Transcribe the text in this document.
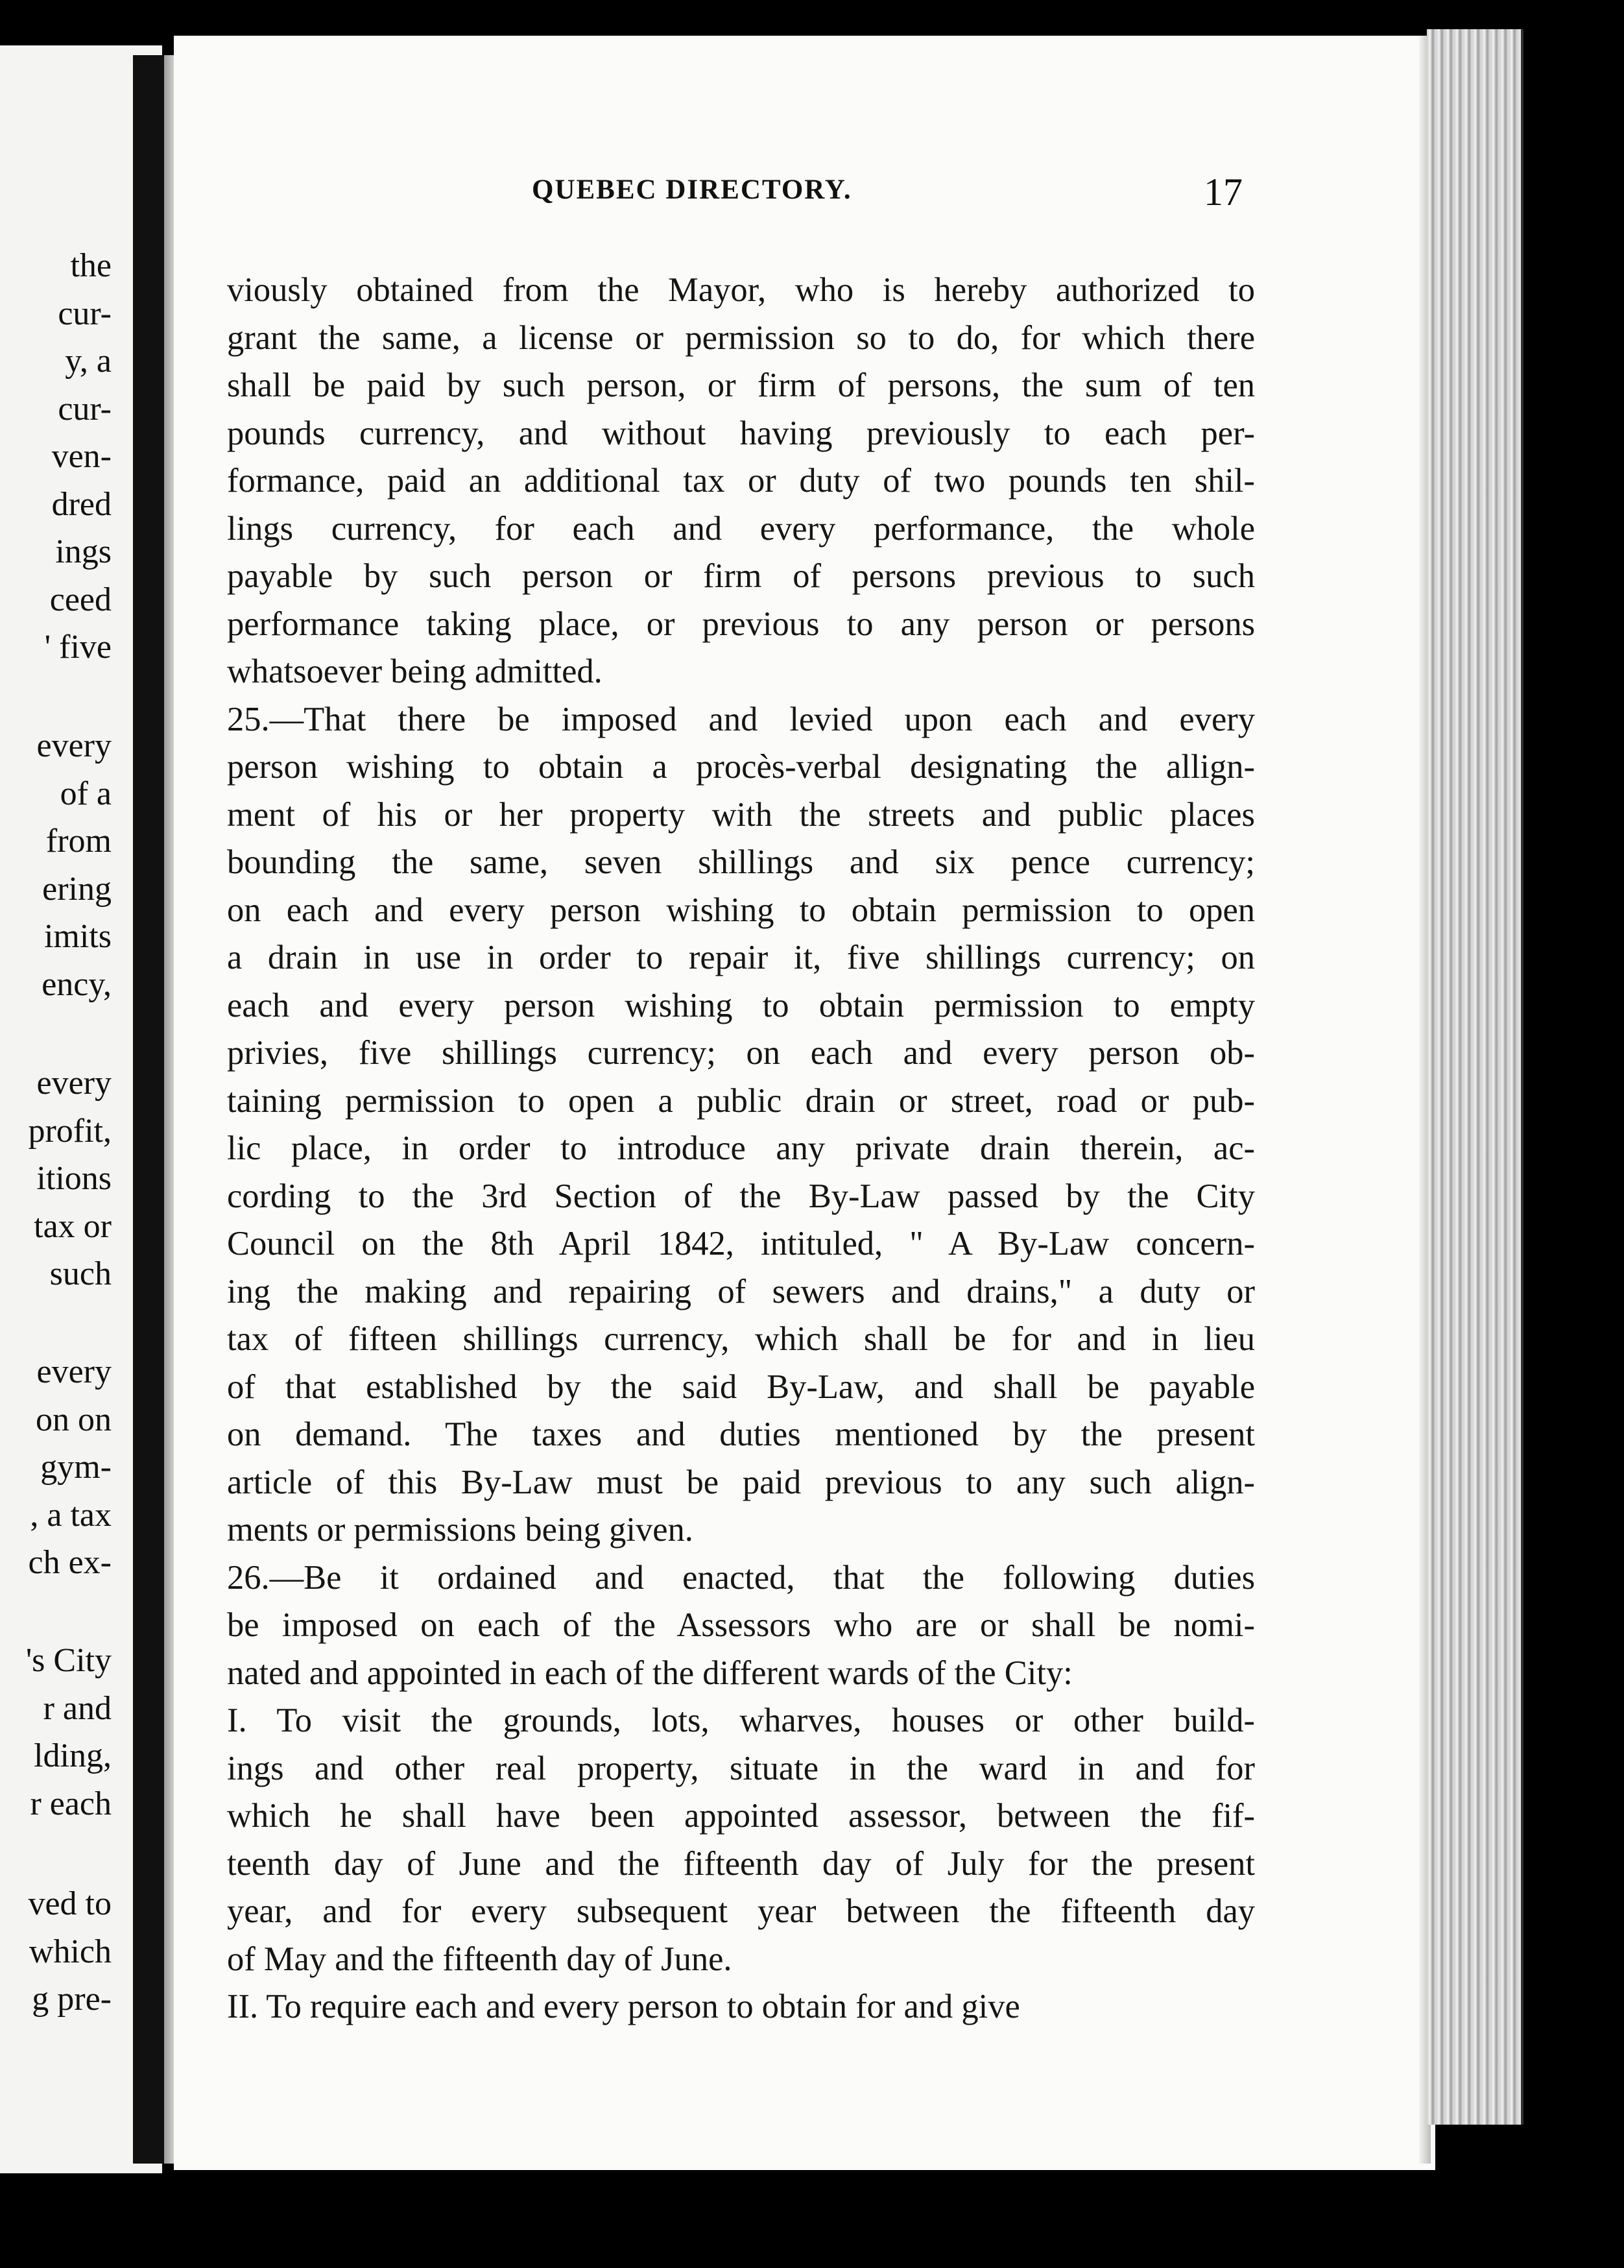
the
cur-
y, a
cur-
ven-
dred
ings
ceed
' five
every
of a
from
ering
imits
ency,
every
profit,
itions
tax or
such
every
on on
gym-
, a tax
ch ex-
's City
r and
lding,
r each
ved to
which
g pre-
QUEBEC DIRECTORY.	17
viously obtained from the Mayor, who is hereby authorized to
grant the same, a license or permission so to do, for which there
shall be paid by such person, or firm of persons, the sum of ten
pounds currency, and without having previously to each per-
formance, paid an additional tax or duty of two pounds ten shil-
lings currency, for each and every performance, the whole
payable by such person or firm of persons previous to such
performance taking place, or previous to any person or persons
whatsoever being admitted.
25.—That there be imposed and levied upon each and every
person wishing to obtain a procès-verbal designating the allign-
ment of his or her property with the streets and public places
bounding the same, seven shillings and six pence currency;
on each and every person wishing to obtain permission to open
a drain in use in order to repair it, five shillings currency; on
each and every person wishing to obtain permission to empty
privies, five shillings currency; on each and every person ob-
taining permission to open a public drain or street, road or pub-
lic place, in order to introduce any private drain therein, ac-
cording to the 3rd Section of the By-Law passed by the City
Council on the 8th April 1842, intituled, " A By-Law concern-
ing the making and repairing of sewers and drains," a duty or
tax of fifteen shillings currency, which shall be for and in lieu
of that established by the said By-Law, and shall be payable
on demand. The taxes and duties mentioned by the present
article of this By-Law must be paid previous to any such align-
ments or permissions being given.
26.—Be it ordained and enacted, that the following duties
be imposed on each of the Assessors who are or shall be nomi-
nated and appointed in each of the different wards of the City:
I. To visit the grounds, lots, wharves, houses or other build-
ings and other real property, situate in the ward in and for
which he shall have been appointed assessor, between the fif-
teenth day of June and the fifteenth day of July for the present
year, and for every subsequent year between the fifteenth day
of May and the fifteenth day of June.
II. To require each and every person to obtain for and give
